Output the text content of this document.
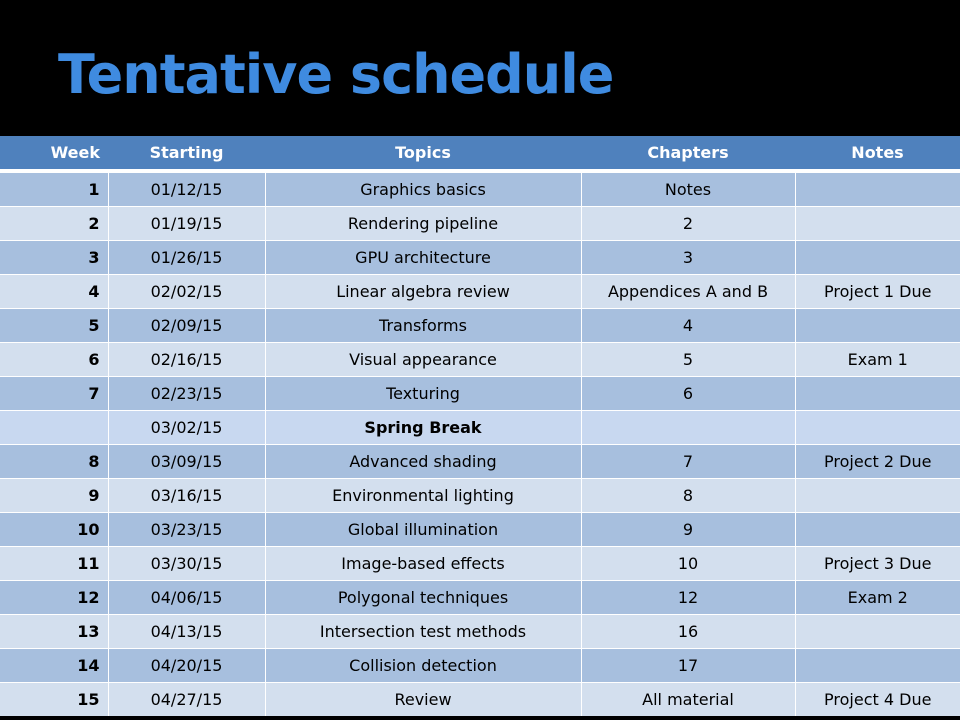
Tentative schedule
Week	Starting	Topics	Chapters	Notes
1	01/12/15	Graphics basics	Notes	
2	01/19/15	Rendering pipeline	2	
3	01/26/15	GPU architecture	3	
4	02/02/15	Linear algebra review	Appendices A and B	Project 1 Due
5	02/09/15	Transforms	4	
6	02/16/15	Visual appearance	5	Exam 1
7	02/23/15	Texturing	6	
	03/02/15	Spring Break		
8	03/09/15	Advanced shading	7	Project 2 Due
9	03/16/15	Environmental lighting	8	
10	03/23/15	Global illumination	9	
11	03/30/15	Image-based effects	10	Project 3 Due
12	04/06/15	Polygonal techniques	12	Exam 2
13	04/13/15	Intersection test methods	16	
14	04/20/15	Collision detection	17	
15	04/27/15	Review	All material	Project 4 Due
